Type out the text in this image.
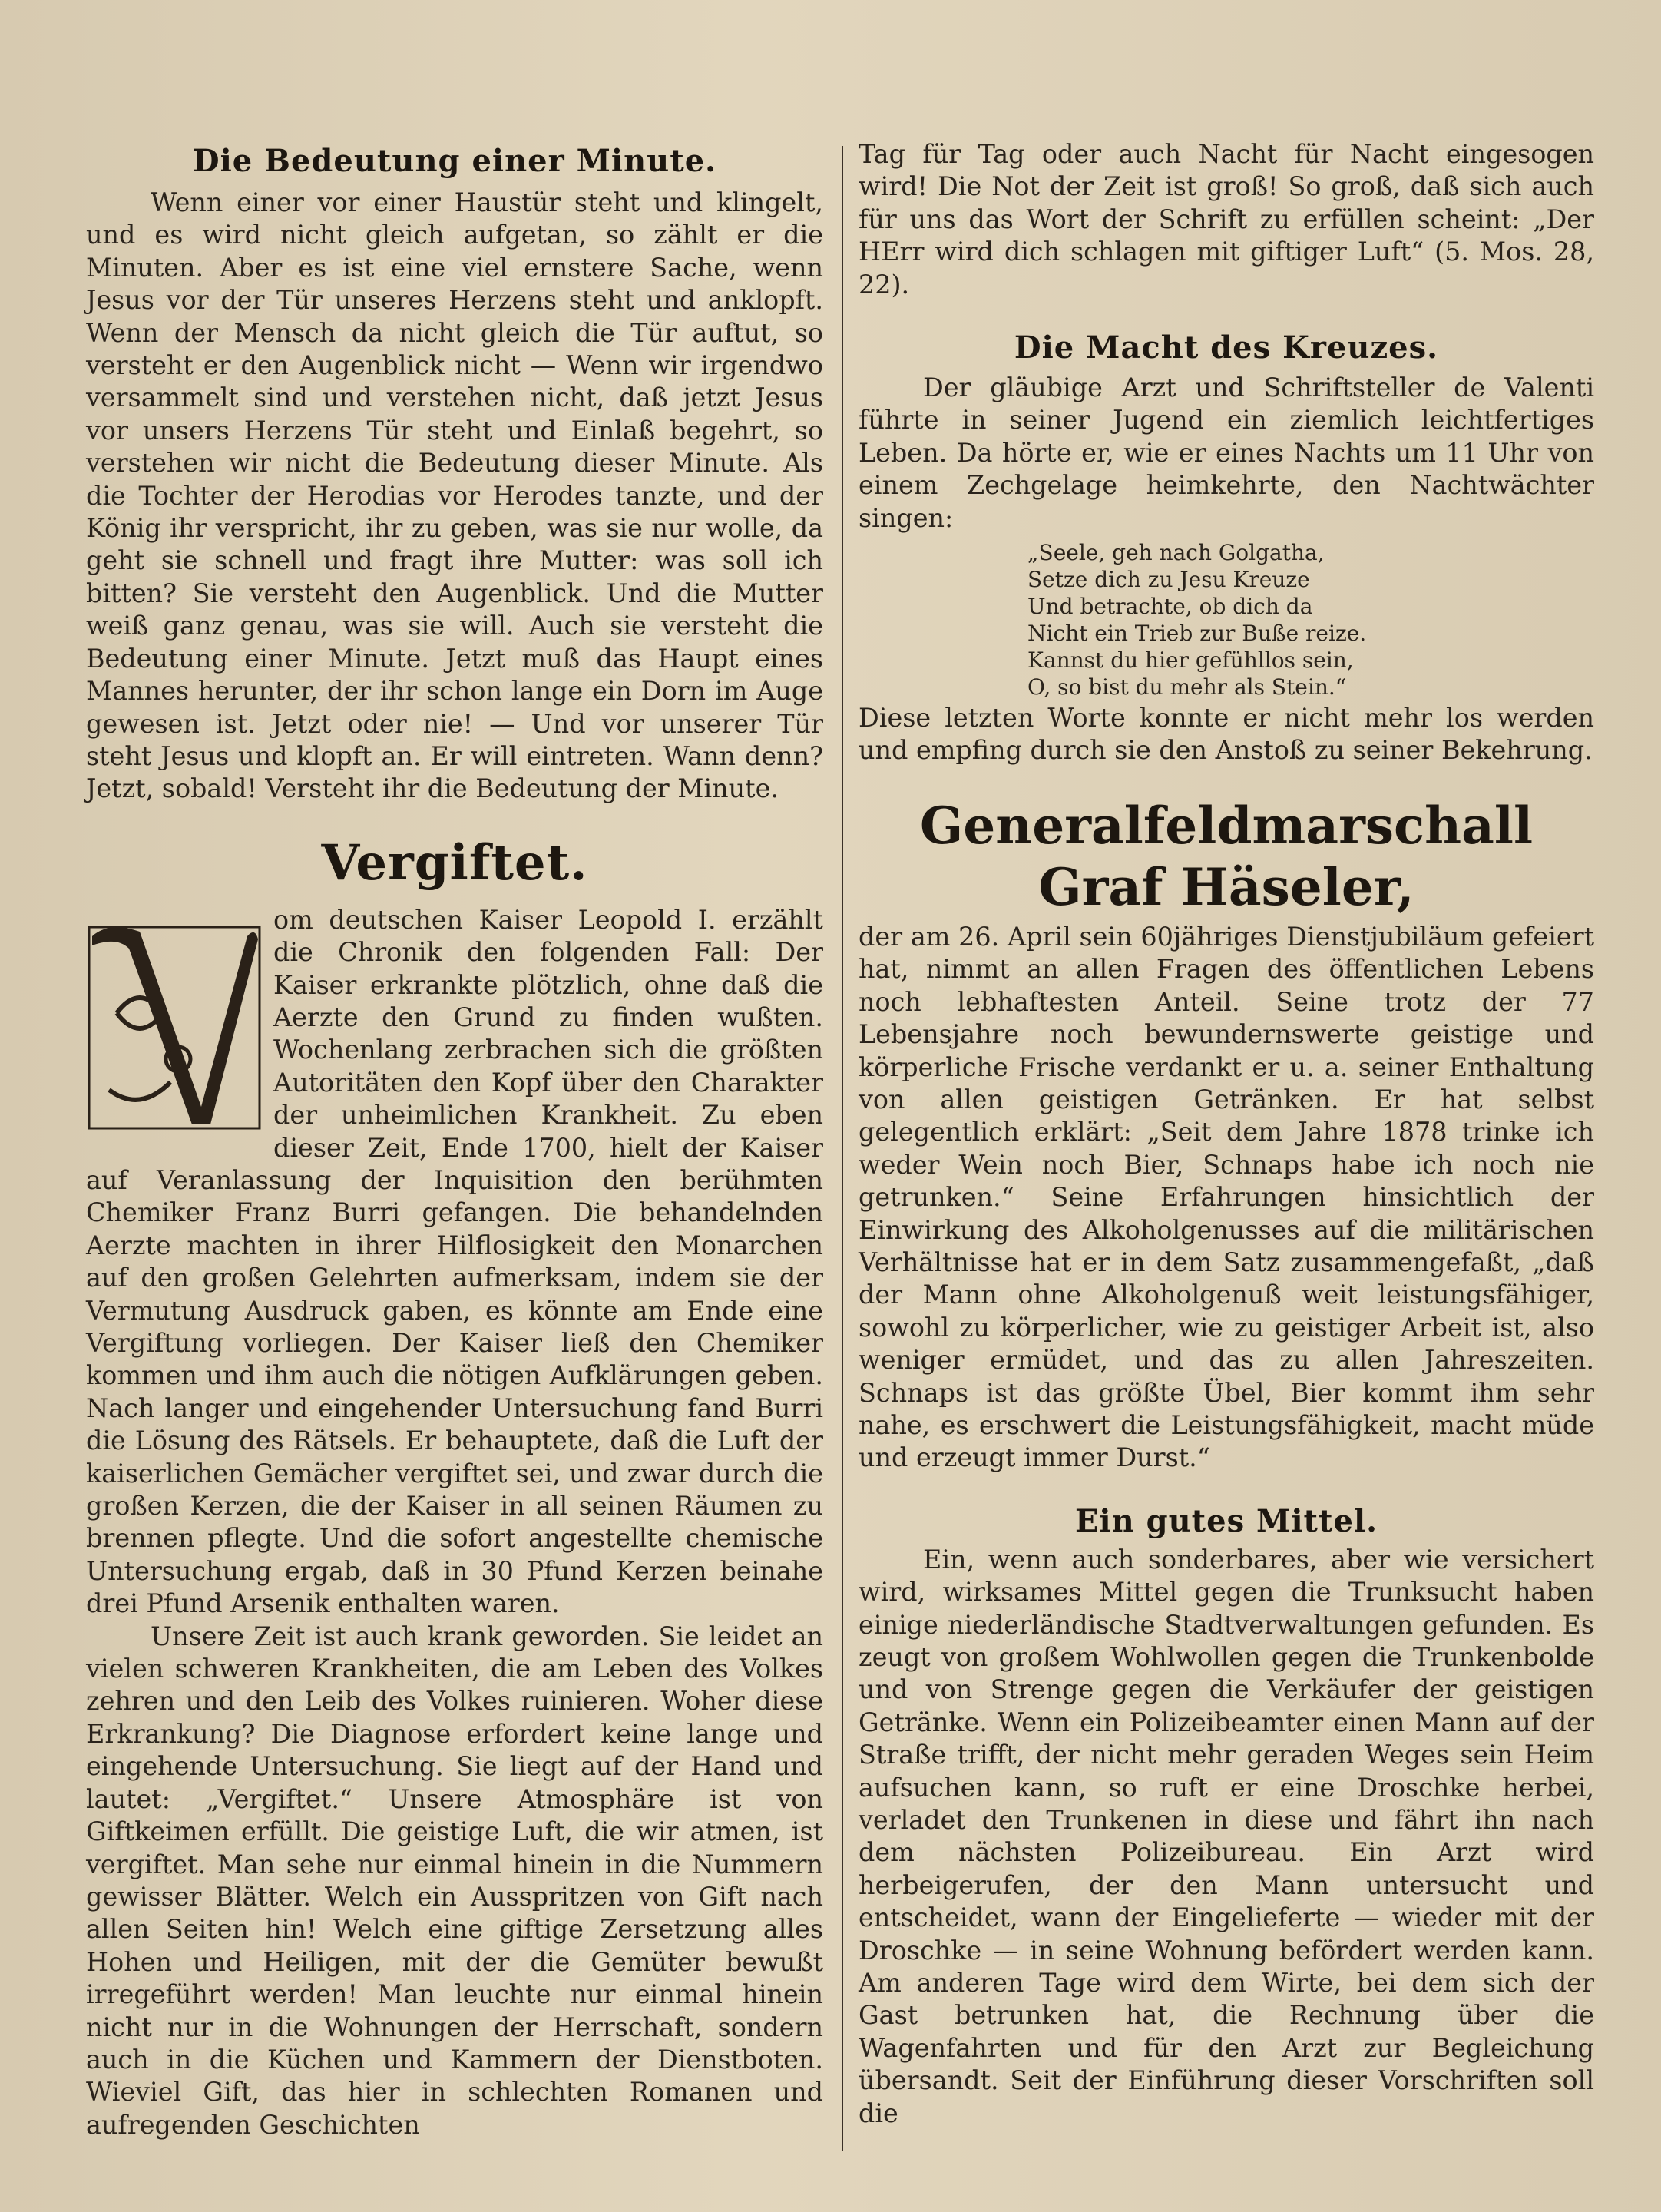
Die Bedeutung einer Minute.

Wenn einer vor einer Haustür steht und klingelt, und es wird nicht gleich aufgetan, so zählt er die Minuten. Aber es ist eine viel ernstere Sache, wenn Jesus vor der Tür unseres Herzens steht und anklopft. Wenn der Mensch da nicht gleich die Tür auftut, so versteht er den Augenblick nicht — Wenn wir irgendwo versammelt sind und verstehen nicht, daß jetzt Jesus vor unsers Herzens Tür steht und Einlaß begehrt, so verstehen wir nicht die Bedeutung dieser Minute. Als die Tochter der Herodias vor Herodes tanzte, und der König ihr verspricht, ihr zu geben, was sie nur wolle, da geht sie schnell und fragt ihre Mutter: was soll ich bitten? Sie versteht den Augenblick. Und die Mutter weiß ganz genau, was sie will. Auch sie versteht die Bedeutung einer Minute. Jetzt muß das Haupt eines Mannes herunter, der ihr schon lange ein Dorn im Auge gewesen ist. Jetzt oder nie! — Und vor unserer Tür steht Jesus und klopft an. Er will eintreten. Wann denn? Jetzt, sobald! Versteht ihr die Bedeutung der Minute.

Vergiftet.

om deutschen Kaiser Leopold I. erzählt die Chronik den folgenden Fall: Der Kaiser erkrankte plötzlich, ohne daß die Aerzte den Grund zu finden wußten. Wochenlang zerbrachen sich die größten Autoritäten den Kopf über den Charakter der unheimlichen Krankheit. Zu eben dieser Zeit, Ende 1700, hielt der Kaiser auf Veranlassung der Inquisition den berühmten Chemiker Franz Burri gefangen. Die behandelnden Aerzte machten in ihrer Hilflosigkeit den Monarchen auf den großen Gelehrten aufmerksam, indem sie der Vermutung Ausdruck gaben, es könnte am Ende eine Vergiftung vorliegen. Der Kaiser ließ den Chemiker kommen und ihm auch die nötigen Aufklärungen geben. Nach langer und eingehender Untersuchung fand Burri die Lösung des Rätsels. Er behauptete, daß die Luft der kaiserlichen Gemächer vergiftet sei, und zwar durch die großen Kerzen, die der Kaiser in all seinen Räumen zu brennen pflegte. Und die sofort angestellte chemische Untersuchung ergab, daß in 30 Pfund Kerzen beinahe drei Pfund Arsenik enthalten waren.

Unsere Zeit ist auch krank geworden. Sie leidet an vielen schweren Krankheiten, die am Leben des Volkes zehren und den Leib des Volkes ruinieren. Woher diese Erkrankung? Die Diagnose erfordert keine lange und eingehende Untersuchung. Sie liegt auf der Hand und lautet: „Vergiftet.“ Unsere Atmosphäre ist von Giftkeimen erfüllt. Die geistige Luft, die wir atmen, ist vergiftet. Man sehe nur einmal hinein in die Nummern gewisser Blätter. Welch ein Ausspritzen von Gift nach allen Seiten hin! Welch eine giftige Zersetzung alles Hohen und Heiligen, mit der die Gemüter bewußt irregeführt werden! Man leuchte nur einmal hinein nicht nur in die Wohnungen der Herrschaft, sondern auch in die Küchen und Kammern der Dienstboten. Wieviel Gift, das hier in schlechten Romanen und aufregenden Geschichten

Tag für Tag oder auch Nacht für Nacht eingesogen wird! Die Not der Zeit ist groß! So groß, daß sich auch für uns das Wort der Schrift zu erfüllen scheint: „Der HErr wird dich schlagen mit giftiger Luft“ (5. Mos. 28, 22).

Die Macht des Kreuzes.

Der gläubige Arzt und Schriftsteller de Valenti führte in seiner Jugend ein ziemlich leichtfertiges Leben. Da hörte er, wie er eines Nachts um 11 Uhr von einem Zechgelage heimkehrte, den Nachtwächter singen:

„Seele, geh nach Golgatha,
Setze dich zu Jesu Kreuze
Und betrachte, ob dich da
Nicht ein Trieb zur Buße reize.
Kannst du hier gefühllos sein,
O, so bist du mehr als Stein.“

Diese letzten Worte konnte er nicht mehr los werden und empfing durch sie den Anstoß zu seiner Bekehrung.

Generalfeldmarschall Graf Häseler,

der am 26. April sein 60jähriges Dienstjubiläum gefeiert hat, nimmt an allen Fragen des öffentlichen Lebens noch lebhaftesten Anteil. Seine trotz der 77 Lebensjahre noch bewundernswerte geistige und körperliche Frische verdankt er u. a. seiner Enthaltung von allen geistigen Getränken. Er hat selbst gelegentlich erklärt: „Seit dem Jahre 1878 trinke ich weder Wein noch Bier, Schnaps habe ich noch nie getrunken.“ Seine Erfahrungen hinsichtlich der Einwirkung des Alkoholgenusses auf die militärischen Verhältnisse hat er in dem Satz zusammengefaßt, „daß der Mann ohne Alkoholgenuß weit leistungsfähiger, sowohl zu körperlicher, wie zu geistiger Arbeit ist, also weniger ermüdet, und das zu allen Jahreszeiten. Schnaps ist das größte Übel, Bier kommt ihm sehr nahe, es erschwert die Leistungsfähigkeit, macht müde und erzeugt immer Durst.“

Ein gutes Mittel.

Ein, wenn auch sonderbares, aber wie versichert wird, wirksames Mittel gegen die Trunksucht haben einige niederländische Stadtverwaltungen gefunden. Es zeugt von großem Wohlwollen gegen die Trunkenbolde und von Strenge gegen die Verkäufer der geistigen Getränke. Wenn ein Polizeibeamter einen Mann auf der Straße trifft, der nicht mehr geraden Weges sein Heim aufsuchen kann, so ruft er eine Droschke herbei, verladet den Trunkenen in diese und fährt ihn nach dem nächsten Polizeibureau. Ein Arzt wird herbeigerufen, der den Mann untersucht und entscheidet, wann der Eingelieferte — wieder mit der Droschke — in seine Wohnung befördert werden kann. Am anderen Tage wird dem Wirte, bei dem sich der Gast betrunken hat, die Rechnung über die Wagenfahrten und für den Arzt zur Begleichung übersandt. Seit der Einführung dieser Vorschriften soll die
